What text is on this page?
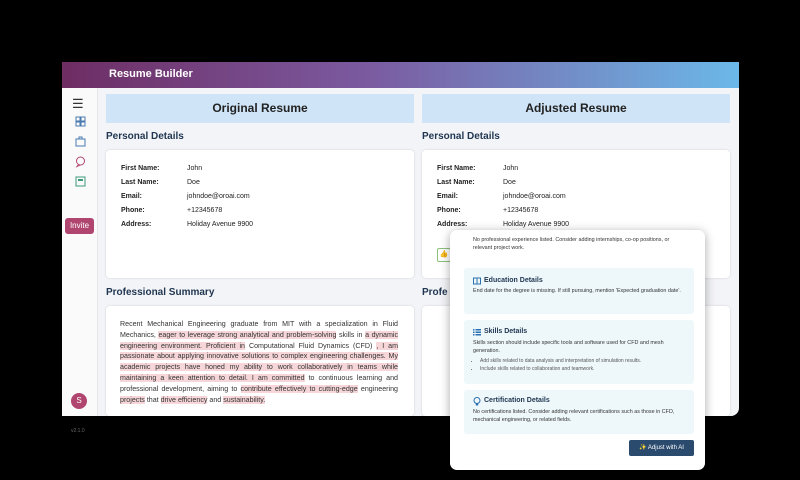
Resume Builder
☰
Invite
S
v2.1.0
Original Resume
Personal Details
First Name:	John
Last Name:	Doe
Email:	johndoe@oroai.com
Phone:	+12345678
Address:	Holiday Avenue 9900
Professional Summary
Recent Mechanical Engineering graduate from MIT with a specialization in Fluid Mechanics, eager to leverage strong analytical and problem-solving skills in a dynamic engineering environment. Proficient in Computational Fluid Dynamics (CFD) , I am passionate about applying innovative solutions to complex engineering challenges. My academic projects have honed my ability to work collaboratively in teams while maintaining a keen attention to detail. I am committed to continuous learning and professional development, aiming to contribute effectively to cutting-edge engineering projects that drive efficiency and sustainability.
Adjusted Resume
Personal Details
First Name:	John
Last Name:	Doe
Email:	johndoe@oroai.com
Phone:	+12345678
Address:	Holiday Avenue 9900
👍
Profe
No professional experience listed. Consider adding internships, co-op positions, or relevant project work.
Education Details
End date for the degree is missing. If still pursuing, mention 'Expected graduation date'.
Skills Details
Skills section should include specific tools and software used for CFD and mesh generation.
• Add skills related to data analysis and interpretation of simulation results.
• Include skills related to collaboration and teamwork.
Certification Details
No certifications listed. Consider adding relevant certifications such as those in CFD, mechanical engineering, or related fields.
✨ Adjust with AI
